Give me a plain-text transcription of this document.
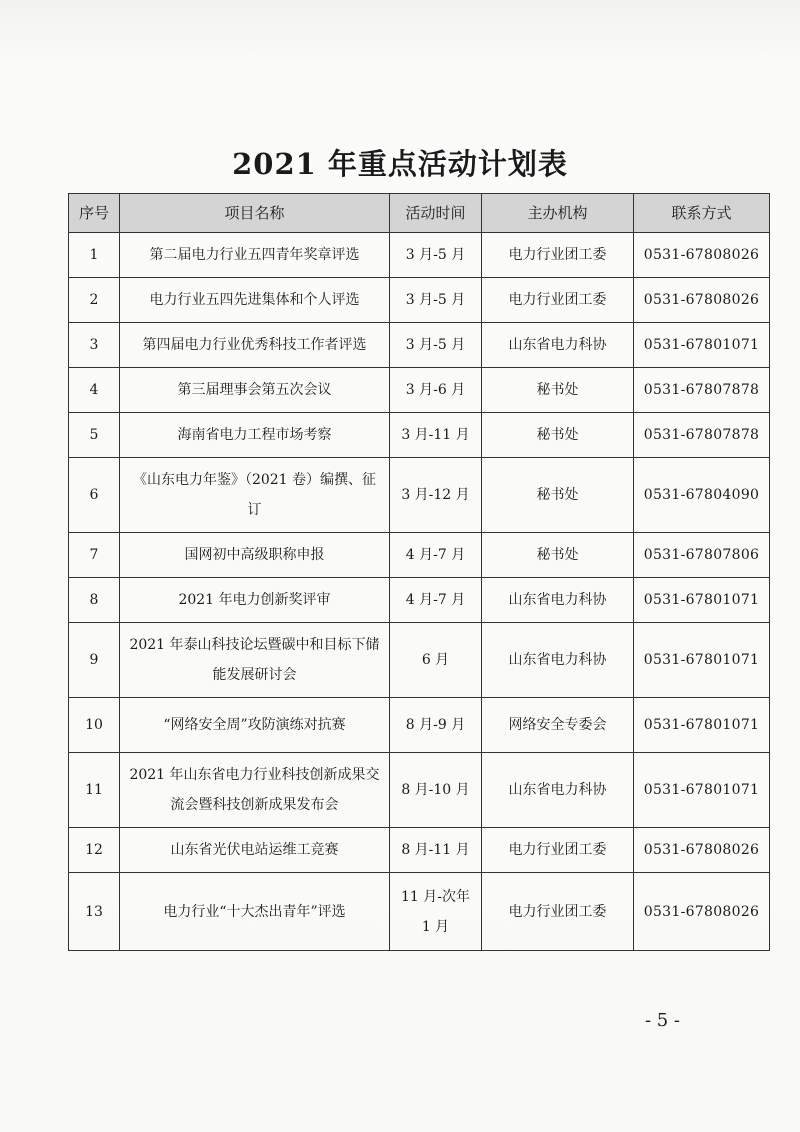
2021 年重点活动计划表
序号	项目名称	活动时间	主办机构	联系方式
1	第二届电力行业五四青年奖章评选	3 月-5 月	电力行业团工委	0531-67808026
2	电力行业五四先进集体和个人评选	3 月-5 月	电力行业团工委	0531-67808026
3	第四届电力行业优秀科技工作者评选	3 月-5 月	山东省电力科协	0531-67801071
4	第三届理事会第五次会议	3 月-6 月	秘书处	0531-67807878
5	海南省电力工程市场考察	3 月-11 月	秘书处	0531-67807878
6	《山东电力年鉴》（2021 卷）编撰、征订	3 月-12 月	秘书处	0531-67804090
7	国网初中高级职称申报	4 月-7 月	秘书处	0531-67807806
8	2021 年电力创新奖评审	4 月-7 月	山东省电力科协	0531-67801071
9	2021 年泰山科技论坛暨碳中和目标下储能发展研讨会	6 月	山东省电力科协	0531-67801071
10	“网络安全周”攻防演练对抗赛	8 月-9 月	网络安全专委会	0531-67801071
11	2021 年山东省电力行业科技创新成果交流会暨科技创新成果发布会	8 月-10 月	山东省电力科协	0531-67801071
12	山东省光伏电站运维工竞赛	8 月-11 月	电力行业团工委	0531-67808026
13	电力行业“十大杰出青年”评选	11 月-次年 1 月	电力行业团工委	0531-67808026
- 5 -
